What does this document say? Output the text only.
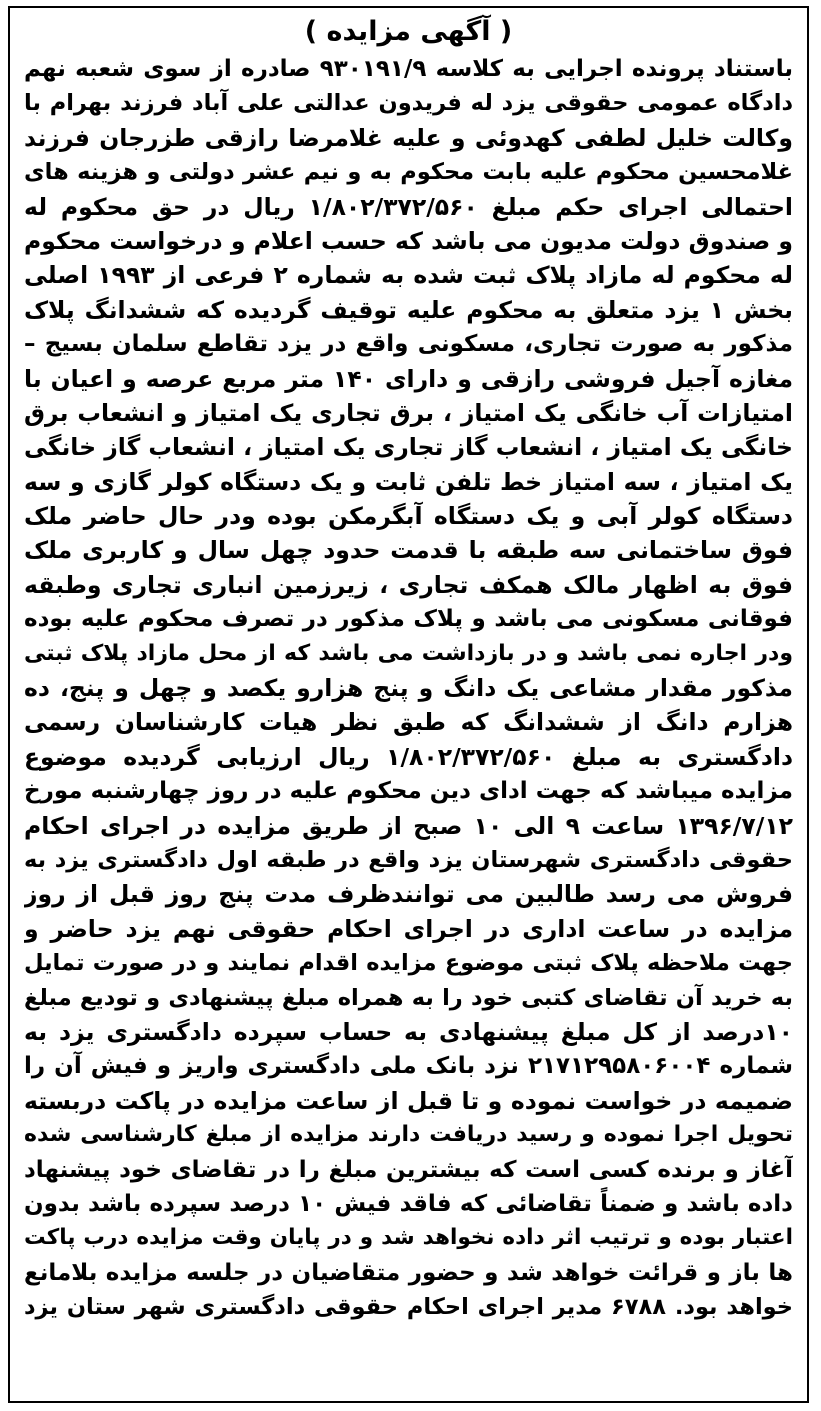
( آگهی مزایده )
باستناد پرونده اجرایی به کلاسه ۹۳۰۱۹۱/۹ صادره از سوی شعبه نهم
دادگاه عمومی حقوقی یزد له فریدون عدالتی علی آباد فرزند بهرام با
وکالت خلیل لطفی کهدوئی و علیه غلامرضا رازقی طزرجان فرزند
غلامحسین محکوم علیه بابت محکوم به و نیم عشر دولتی و هزینه های
احتمالی اجرای حکم مبلغ ۱/۸۰۲/۳۷۲/۵۶۰ ریال در حق محکوم له
و صندوق دولت مدیون می باشد که حسب اعلام و درخواست محکوم
له محکوم له مازاد پلاک ثبت شده به شماره ۲ فرعی از ۱۹۹۳ اصلی
بخش ۱ یزد متعلق به محکوم علیه توقیف گردیده که ششدانگ پلاک
مذکور به صورت تجاری، مسکونی واقع در یزد تقاطع سلمان بسیج –
مغازه آجیل فروشی رازقی و دارای ۱۴۰ متر مربع عرصه و اعیان با
امتیازات آب خانگی یک امتیاز ، برق تجاری یک امتیاز و انشعاب برق
خانگی یک امتیاز ، انشعاب گاز تجاری یک امتیاز ، انشعاب گاز خانگی
یک امتیاز ، سه امتیاز خط تلفن ثابت و یک دستگاه کولر گازی و سه
دستگاه کولر آبی و یک دستگاه آبگرمکن بوده ودر حال حاضر ملک
فوق ساختمانی سه طبقه با قدمت حدود چهل سال و کاربری ملک
فوق به اظهار مالک همکف تجاری ، زیرزمین انباری تجاری وطبقه
فوقانی مسکونی می باشد و پلاک مذکور در تصرف محکوم علیه بوده
ودر اجاره نمی باشد و در بازداشت می باشد که از محل مازاد پلاک ثبتی
مذکور مقدار مشاعی یک دانگ و پنج هزارو یکصد و چهل و پنج، ده
هزارم دانگ از ششدانگ که طبق نظر هیات کارشناسان رسمی
دادگستری به مبلغ ۱/۸۰۲/۳۷۲/۵۶۰ ریال ارزیابی گردیده موضوع
مزایده میباشد که جهت ادای دین محکوم علیه در روز چهارشنبه مورخ
۱۳۹۶/۷/۱۲ ساعت ۹ الی ۱۰ صبح از طریق مزایده در اجرای احکام
حقوقی دادگستری شهرستان یزد واقع در طبقه اول دادگستری یزد به
فروش می رسد طالبین می توانندظرف مدت پنج روز قبل از روز
مزایده در ساعت اداری در اجرای احکام حقوقی نهم یزد حاضر و
جهت ملاحظه پلاک ثبتی موضوع مزایده اقدام نمایند و در صورت تمایل
به خرید آن تقاضای کتبی خود را به همراه مبلغ پیشنهادی و تودیع مبلغ
۱۰درصد از کل مبلغ پیشنهادی به حساب سپرده دادگستری یزد به
شماره ۲۱۷۱۲۹۵۸۰۶۰۰۴ نزد بانک ملی دادگستری واریز و فیش آن را
ضمیمه در خواست نموده و تا قبل از ساعت مزایده در پاکت دربسته
تحویل اجرا نموده و رسید دریافت دارند مزایده از مبلغ کارشناسی شده
آغاز و برنده کسی است که بیشترین مبلغ را در تقاضای خود پیشنهاد
داده باشد و ضمناً تقاضائی که فاقد فیش ۱۰ درصد سپرده باشد بدون
اعتبار بوده و ترتیب اثر داده نخواهد شد و در پایان وقت مزایده درب پاکت
ها باز و قرائت خواهد شد و حضور متقاضیان در جلسه مزایده بلامانع
خواهد بود. ۶۷۸۸ مدیر اجرای احکام حقوقی دادگستری شهر ستان یزد
